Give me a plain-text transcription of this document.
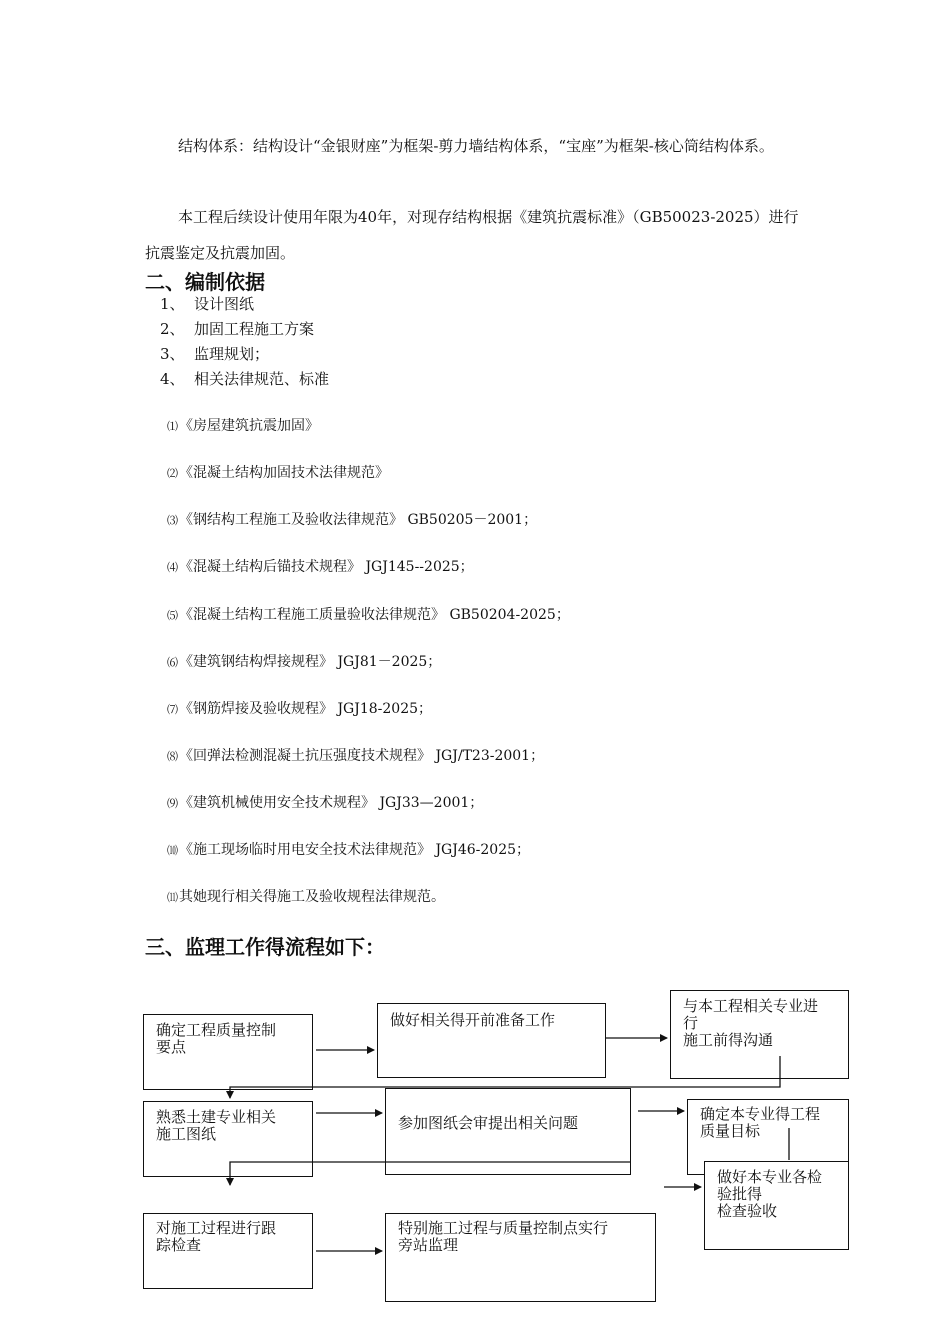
结构体系：结构设计“金银财座”为框架-剪力墙结构体系，“宝座”为框架-核心筒结构体系。

本工程后续设计使用年限为40年，对现存结构根据《建筑抗震标准》（GB50023-2025）进行抗震鉴定及抗震加固。

二、编制依据

1、 设计图纸

2、 加固工程施工方案

3、 监理规划；

4、 相关法律规范、标准

⑴《房屋建筑抗震加固》

⑵《混凝土结构加固技术法律规范》

⑶《钢结构工程施工及验收法律规范》 GB50205－2001；

⑷《混凝土结构后锚技术规程》 JGJ145--2025；

⑸《混凝土结构工程施工质量验收法律规范》 GB50204-2025；

⑹《建筑钢结构焊接规程》 JGJ81－2025；

⑺《钢筋焊接及验收规程》 JGJ18-2025；

⑻《回弹法检测混凝土抗压强度技术规程》 JGJ/T23-2001；

⑼《建筑机械使用安全技术规程》 JGJ33—2001；

⑽《施工现场临时用电安全技术法律规范》 JGJ46-2025；

⑾其她现行相关得施工及验收规程法律规范。

三、监理工作得流程如下：
确定工程质量控制
要点
做好相关得开前准备工作
与本工程相关专业进
行
施工前得沟通
熟悉土建专业相关
施工图纸
参加图纸会审提出相关问题	确定本专业得工程
质量目标
做好本专业各检
验批得
检查验收
对施工过程进行跟
踪检查
特别施工过程与质量控制点实行
旁站监理
